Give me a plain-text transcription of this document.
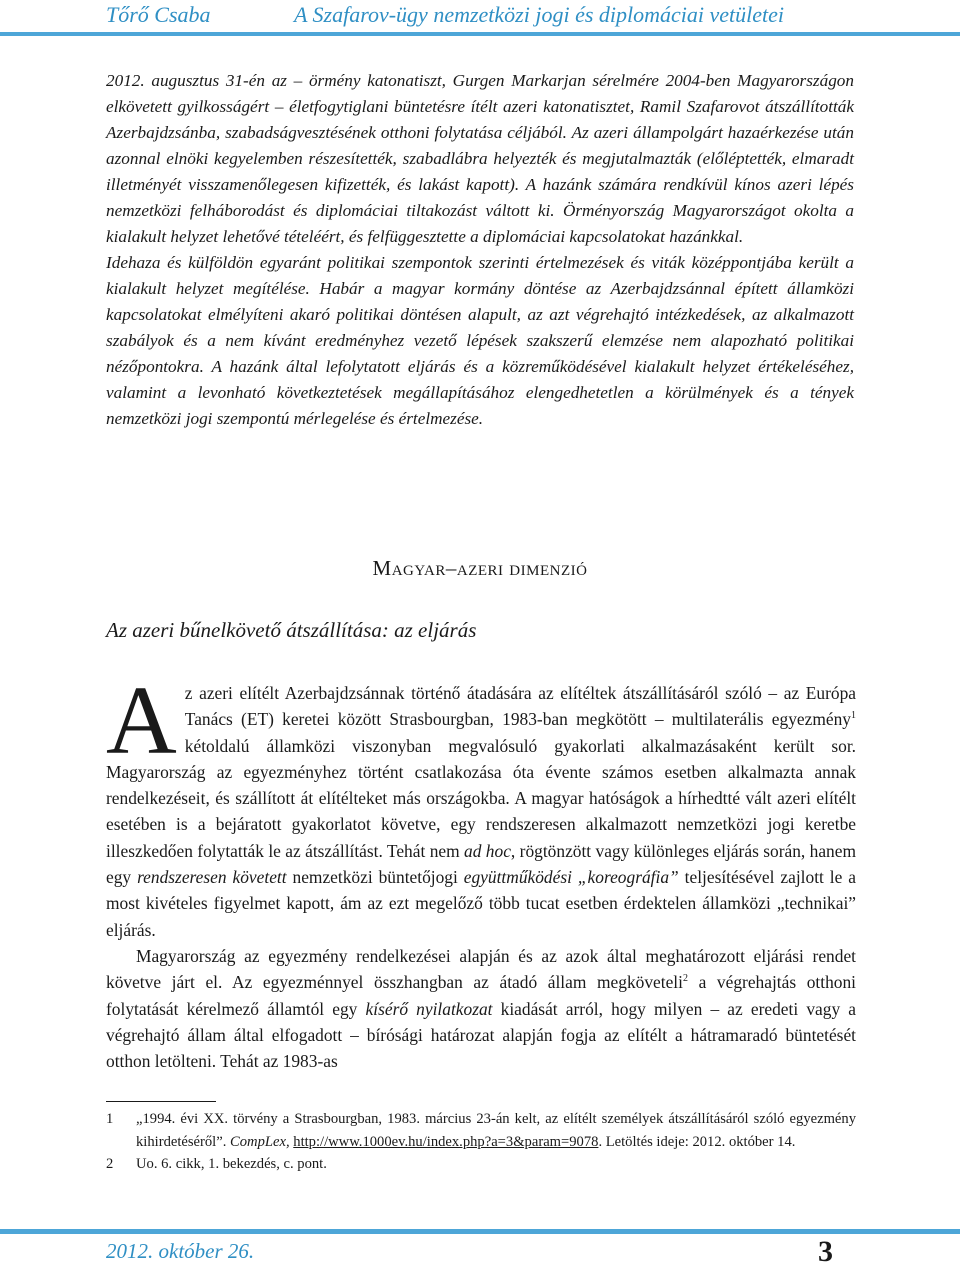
Tőrő Csaba	A Szafarov-ügy nemzetközi jogi és diplomáciai vetületei

2012. augusztus 31-én az – örmény katonatiszt, Gurgen Markarjan sérelmére 2004-ben Magyarországon elkövetett gyilkosságért – életfogytiglani büntetésre ítélt azeri katonatisztet, Ramil Szafarovot átszállították Azerbajdzsánba, szabadságvesztésének otthoni folytatása céljából. Az azeri állampolgárt hazaérkezése után azonnal elnöki kegyelemben részesítették, szabadlábra helyezték és megjutalmazták (előléptették, elmaradt illetményét visszamenőlegesen kifizették, és lakást kapott). A hazánk számára rendkívül kínos azeri lépés nemzetközi felháborodást és diplomáciai tiltakozást váltott ki. Örményország Magyarországot okolta a kialakult helyzet lehetővé tételéért, és felfüggesztette a diplomáciai kapcsolatokat hazánkkal.

Idehaza és külföldön egyaránt politikai szempontok szerinti értelmezések és viták középpontjába került a kialakult helyzet megítélése. Habár a magyar kormány döntése az Azerbajdzsánnal épített államközi kapcsolatokat elmélyíteni akaró politikai döntésen alapult, az azt végrehajtó intézkedések, az alkalmazott szabályok és a nem kívánt eredményhez vezető lépések szakszerű elemzése nem alapozható politikai nézőpontokra. A hazánk által lefolytatott eljárás és a közreműködésével kialakult helyzet értékeléséhez, valamint a levonható következtetések megállapításához elengedhetetlen a körülmények és a tények nemzetközi jogi szempontú mérlegelése és értelmezése.

Magyar–azeri dimenzió
Az azeri bűnelkövető átszállítása: az eljárás

Az azeri elítélt Azerbajdzsánnak történő átadására az elítéltek átszállításáról szóló – az Európa Tanács (ET) keretei között Strasbourgban, 1983-ban megkötött – multilaterális egyezmény$^1$ kétoldalú államközi viszonyban megvalósuló gyakorlati alkalmazásaként került sor. Magyarország az egyezményhez történt csatlakozása óta évente számos esetben alkalmazta annak rendelkezéseit, és szállított át elítélteket más országokba. A magyar hatóságok a hírhedtté vált azeri elítélt esetében is a bejáratott gyakorlatot követve, egy rendszeresen alkalmazott nemzetközi jogi keretbe illeszkedően folytatták le az átszállítást. Tehát nem ad hoc, rögtönzött vagy különleges eljárás során, hanem egy rendszeresen követett nemzetközi büntetőjogi együttműködési „koreográfia” teljesítésével zajlott le a most kivételes figyelmet kapott, ám az ezt megelőző több tucat esetben érdektelen államközi „technikai” eljárás.

Magyarország az egyezmény rendelkezései alapján és az azok által meghatározott eljárási rendet követve járt el. Az egyezménnyel összhangban az átadó állam megköveteli$^2$ a végrehajtás otthoni folytatását kérelmező államtól egy kísérő nyilatkozat kiadását arról, hogy milyen – az eredeti vagy a végrehajtó állam által elfogadott – bírósági határozat alapján fogja az elítélt a hátramaradó büntetését otthon letölteni. Tehát az 1983-as

1	„1994. évi XX. törvény a Strasbourgban, 1983. március 23-án kelt, az elítélt személyek átszállításáról szóló egyezmény kihirdetéséről”. CompLex, http://www.1000ev.hu/index.php?a=3&param=9078. Letöltés ideje: 2012. október 14.
2	Uo. 6. cikk, 1. bekezdés, c. pont.
2012. október 26.	3
